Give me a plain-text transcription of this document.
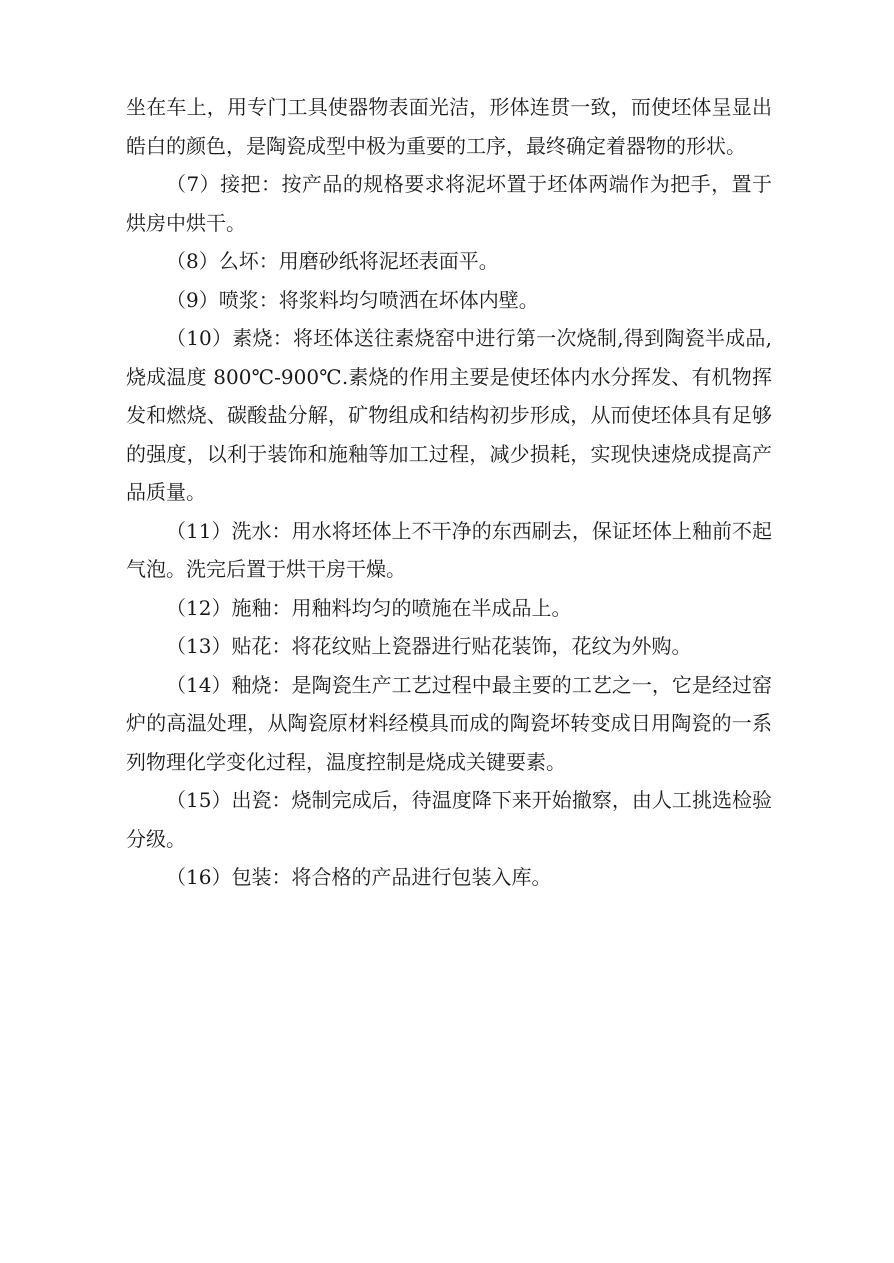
坐在车上，用专门工具使器物表面光洁，形体连贯一致，而使坯体呈显出皓白的颜色，是陶瓷成型中极为重要的工序，最终确定着器物的形状。

（7）接把：按产品的规格要求将泥坏置于坯体两端作为把手，置于烘房中烘干。

（8）么坏：用磨砂纸将泥坯表面平。

（9）喷浆：将浆料均匀喷洒在坏体内壁。

（10）素烧：将坯体送往素烧窑中进行第一次烧制,得到陶瓷半成品,烧成温度 800℃-900℃.素烧的作用主要是使坯体内水分挥发、有机物挥发和燃烧、碳酸盐分解，矿物组成和结构初步形成，从而使坯体具有足够的强度，以利于装饰和施釉等加工过程，减少损耗，实现快速烧成提高产品质量。

（11）洗水：用水将坯体上不干净的东西刷去，保证坯体上釉前不起气泡。洗完后置于烘干房干燥。

（12）施釉：用釉料均匀的喷施在半成品上。

（13）贴花：将花纹贴上瓷器进行贴花装饰，花纹为外购。

（14）釉烧：是陶瓷生产工艺过程中最主要的工艺之一，它是经过窑炉的高温处理，从陶瓷原材料经模具而成的陶瓷坏转变成日用陶瓷的一系列物理化学变化过程，温度控制是烧成关键要素。

（15）出瓷：烧制完成后，待温度降下来开始撤察，由人工挑选检验分级。

（16）包装：将合格的产品进行包装入库。
